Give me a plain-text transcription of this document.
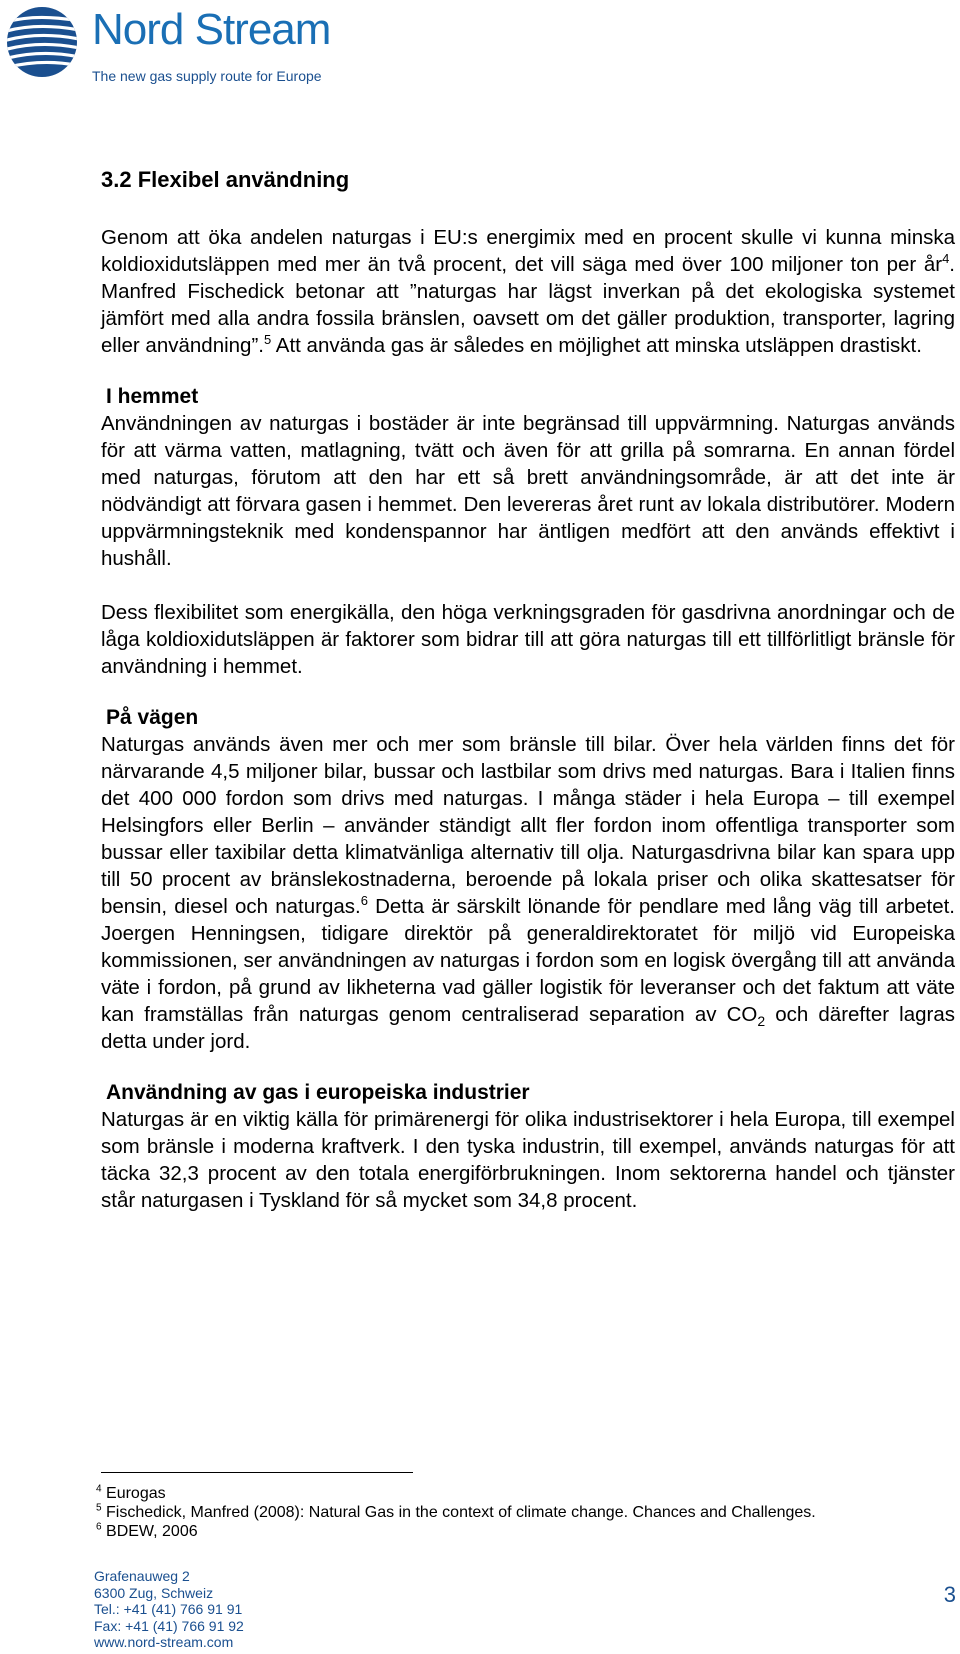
Nord Stream
The new gas supply route for Europe
3.2 Flexibel användning

Genom att öka andelen naturgas i EU:s energimix med en procent skulle vi kunna minska koldioxidutsläppen med mer än två procent, det vill säga med över 100 miljoner ton per $år^4$. Manfred Fischedick betonar att ”naturgas har lägst inverkan på det ekologiska systemet jämfört med alla andra fossila bränslen, oavsett om det gäller produktion, transporter, lagring eller användning”.$^5$ Att använda gas är således en möjlighet att minska utsläppen drastiskt.

I hemmet

Användningen av naturgas i bostäder är inte begränsad till uppvärmning. Naturgas används för att värma vatten, matlagning, tvätt och även för att grilla på somrarna. En annan fördel med naturgas, förutom att den har ett så brett användningsområde, är att det inte är nödvändigt att förvara gasen i hemmet. Den levereras året runt av lokala distributörer. Modern uppvärmningsteknik med kondenspannor har äntligen medfört att den används effektivt i hushåll.

Dess flexibilitet som energikälla, den höga verkningsgraden för gasdrivna anordningar och de låga koldioxidutsläppen är faktorer som bidrar till att göra naturgas till ett tillförlitligt bränsle för användning i hemmet.

På vägen

Naturgas används även mer och mer som bränsle till bilar. Över hela världen finns det för närvarande 4,5 miljoner bilar, bussar och lastbilar som drivs med naturgas. Bara i Italien finns det 400 000 fordon som drivs med naturgas. I många städer i hela Europa – till exempel Helsingfors eller Berlin – använder ständigt allt fler fordon inom offentliga transporter som bussar eller taxibilar detta klimatvänliga alternativ till olja. Naturgasdrivna bilar kan spara upp till 50 procent av bränslekostnaderna, beroende på lokala priser och olika skattesatser för bensin, diesel och naturgas.$^6$ Detta är särskilt lönande för pendlare med lång väg till arbetet. Joergen Henningsen, tidigare direktör på generaldirektoratet för miljö vid Europeiska kommissionen, ser användningen av naturgas i fordon som en logisk övergång till att använda väte i fordon, på grund av likheterna vad gäller logistik för leveranser och det faktum att väte kan framställas från naturgas genom centraliserad separation av $CO_2$ och därefter lagras detta under jord.

Användning av gas i europeiska industrier

Naturgas är en viktig källa för primärenergi för olika industrisektorer i hela Europa, till exempel som bränsle i moderna kraftverk. I den tyska industrin, till exempel, används naturgas för att täcka 32,3 procent av den totala energiförbrukningen. Inom sektorerna handel och tjänster står naturgasen i Tyskland för så mycket som 34,8 procent.

$^4$ Eurogas
$^5$ Fischedick, Manfred (2008): Natural Gas in the context of climate change. Chances and Challenges.
$^6$ BDEW, 2006
Grafenauweg 2
6300 Zug, Schweiz
Tel.: +41 (41) 766 91 91
Fax: +41 (41) 766 91 92
www.nord-stream.com
3
